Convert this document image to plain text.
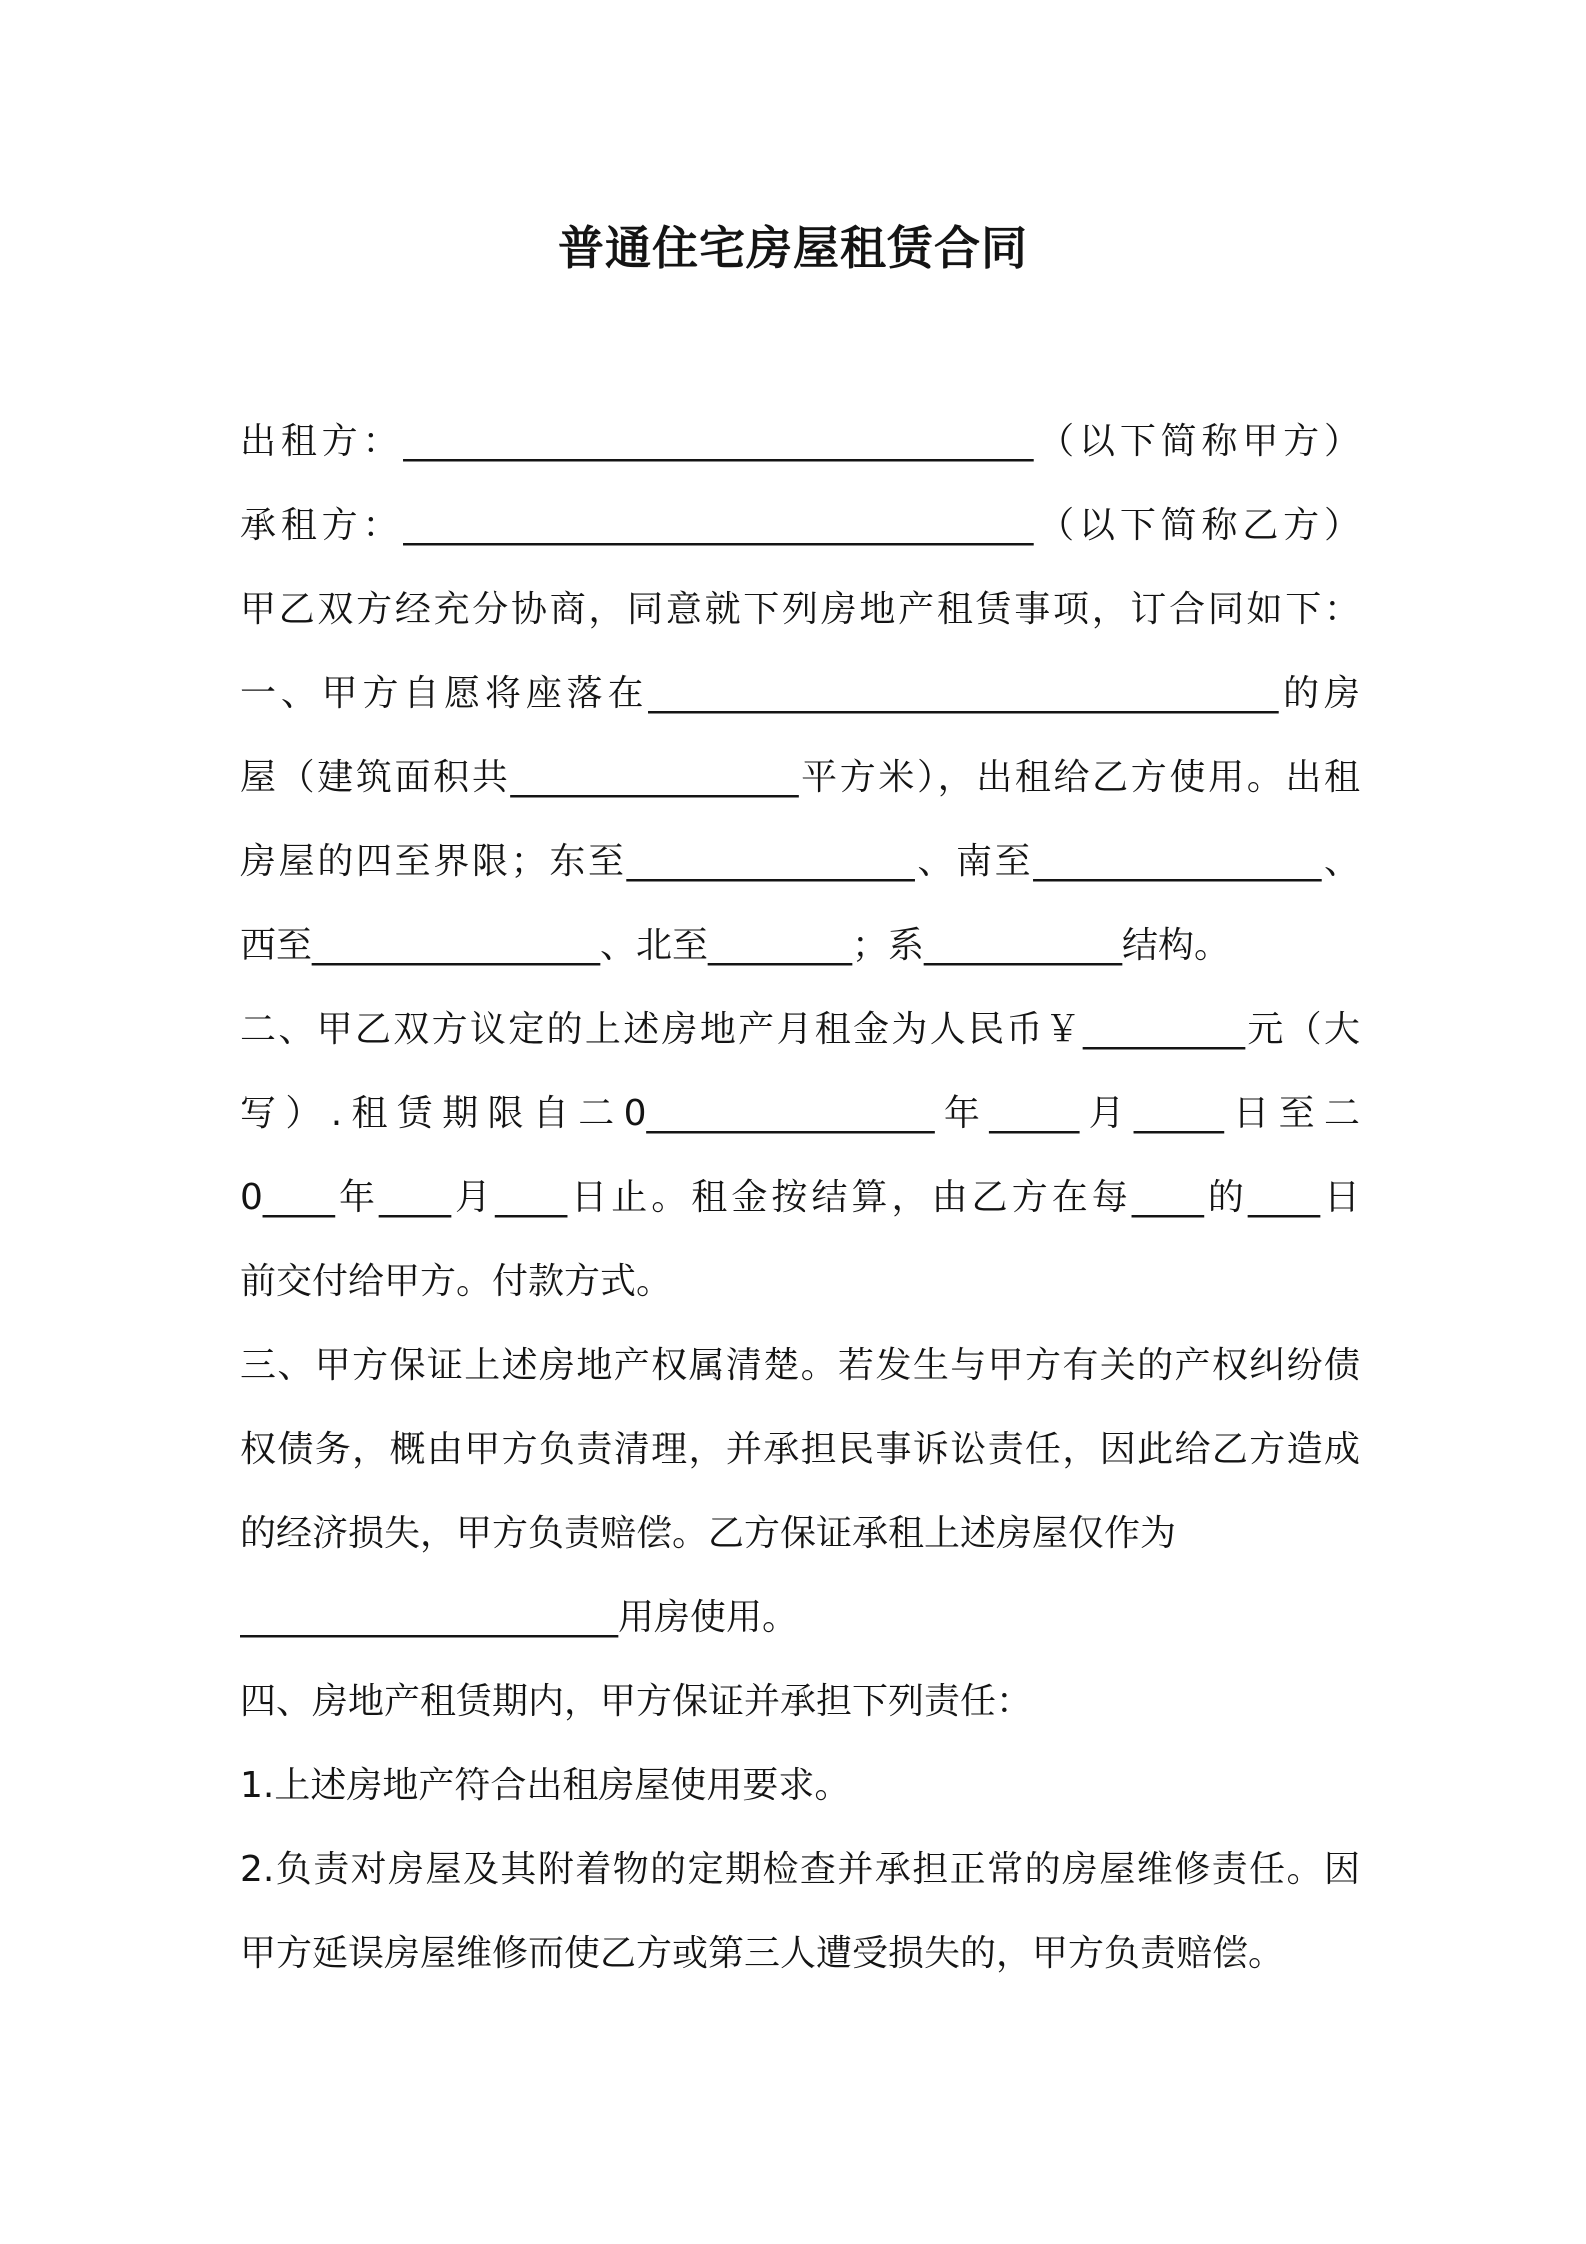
普通住宅房屋租赁合同
出租方：___________________________________（以下简称甲方）
承租方：___________________________________（以下简称乙方）
甲乙双方经充分协商，同意就下列房地产租赁事项，订合同如下：
一、甲方自愿将座落在___________________________________的房
屋（建筑面积共________________平方米），出租给乙方使用。出租
房屋的四至界限；东至________________、南至________________、
西至________________、北至________；系___________结构。
二、甲乙双方议定的上述房地产月租金为人民币￥_________元（大
写）.租赁期限自二0________________年_____月_____日至二
0____年____月____日止。租金按结算，由乙方在每____的____日
前交付给甲方。付款方式。
三、甲方保证上述房地产权属清楚。若发生与甲方有关的产权纠纷债
权债务，概由甲方负责清理，并承担民事诉讼责任，因此给乙方造成
的经济损失，甲方负责赔偿。乙方保证承租上述房屋仅作为
_____________________用房使用。
四、房地产租赁期内，甲方保证并承担下列责任：
1.上述房地产符合出租房屋使用要求。
2.负责对房屋及其附着物的定期检查并承担正常的房屋维修责任。因
甲方延误房屋维修而使乙方或第三人遭受损失的，甲方负责赔偿。
